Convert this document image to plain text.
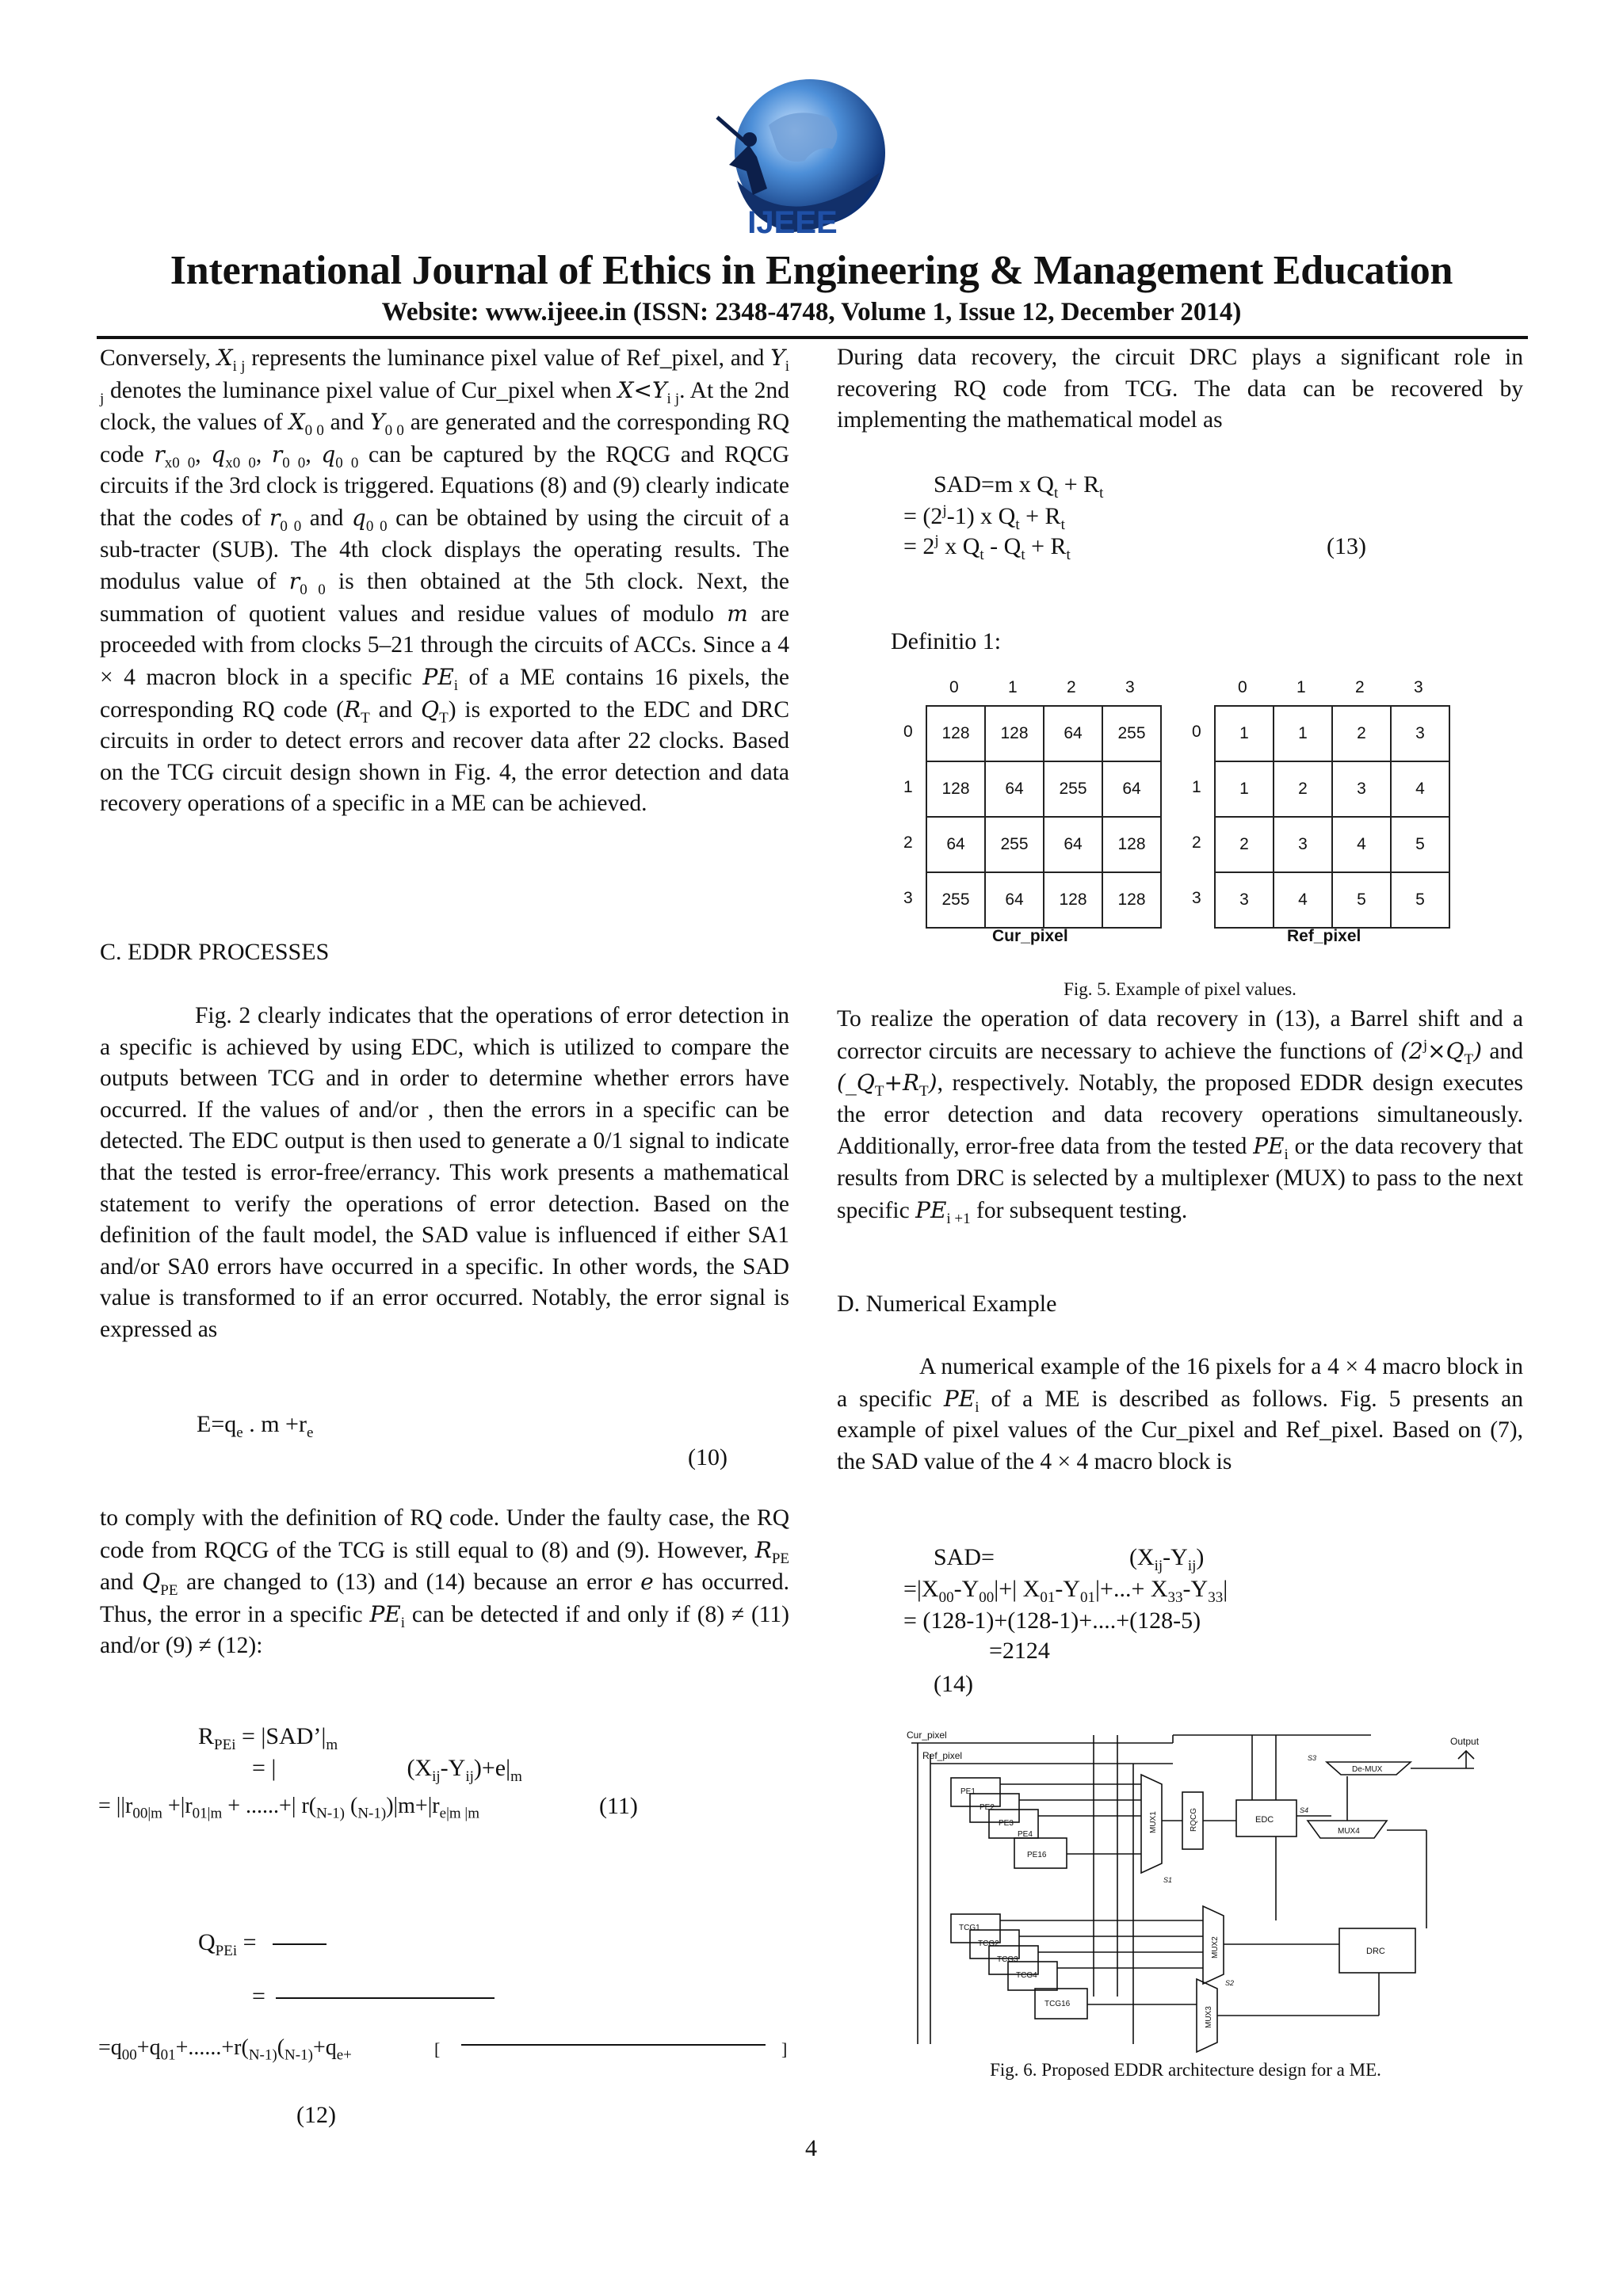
IJEEE
International Journal of Ethics in Engineering & Management Education
Website: www.ijeee.in (ISSN: 2348-4748, Volume 1, Issue 12, December 2014)
Conversely, $X_{i j}$ represents the luminance pixel value of Ref_pixel, and $Y_{i j}$ denotes the luminance pixel value of Cur_pixel when $X<Y_{i j}$. At the 2nd clock, the values of $X_{0 0}$ and $Y_{0 0}$ are generated and the corresponding RQ code $r_{x0 0}$, $q_{x0 0}$, $r_{0 0}$, $q_{0 0}$ can be captured by the RQCG and RQCG circuits if the 3rd clock is triggered. Equations (8) and (9) clearly indicate that the codes of $r_{0 0}$ and $q_{0 0}$ can be obtained by using the circuit of a sub-tracter (SUB). The 4th clock displays the operating results. The modulus value of $r_{0 0}$ is then obtained at the 5th clock. Next, the summation of quotient values and residue values of modulo m are proceeded with from clocks 5–21 through the circuits of ACCs. Since a 4 × 4 macron block in a specific $PE_i$ of a ME contains 16 pixels, the corresponding RQ code ($R_T$ and $Q_T$) is exported to the EDC and DRC circuits in order to detect errors and recover data after 22 clocks. Based on the TCG circuit design shown in Fig. 4, the error detection and data recovery operations of a specific in a ME can be achieved.
C. EDDR PROCESSES
Fig. 2 clearly indicates that the operations of error detection in a specific is achieved by using EDC, which is utilized to compare the outputs between TCG and in order to determine whether errors have occurred. If the values of and/or , then the errors in a specific can be detected. The EDC output is then used to generate a 0/1 signal to indicate that the tested is error-free/errancy. This work presents a mathematical statement to verify the operations of error detection. Based on the definition of the fault model, the SAD value is influenced if either SA1 and/or SA0 errors have occurred in a specific. In other words, the SAD value is transformed to if an error occurred. Notably, the error signal is expressed as
$E=q_e$ . $m +r_e$
(10)
to comply with the definition of RQ code. Under the faulty case, the RQ code from RQCG of the TCG is still equal to (8) and (9). However, $R_{PE}$ and $Q_{PE}$ are changed to (13) and (14) because an error e has occurred. Thus, the error in a specific $PE_i$ can be detected if and only if (8) ≠ (11) and/or (9) ≠ (12):
$R_{PEi}$ = $|SAD’|_m$
= |	$(X_{ij}-Y_{ij})+e|_m$
= $||r_{00|m} +|r_{01|m}$ + ......+| $r(_{N-1)}$ $(_{N-1)})|m+|r_{e|m |m}$	(11)
$Q_{PEi}$ =
=
$=q_{00}+q_{01}+......+r(_{N-1)}(_{N-1)}+q_{e+}$	[	]
(12)
4
During data recovery, the circuit DRC plays a significant role in recovering RQ code from TCG. The data can be recovered by implementing the mathematical model as
SAD=m x $Q_t + R_t$
= $(2^j-1)$ x $Q_t + R_t$
= $2^j$ x $Q_t - Q_t + R_t$	(13)
Definitio 1:
0	1	2	3
0
1
2
3
128	128	64	255
128	64	255	64
64	255	64	128
255	64	128	128
Cur_pixel
0	1	2	3
0
1
2
3
1	1	2	3
1	2	3	4
2	3	4	5
3	4	5	5
Ref_pixel
Fig. 5. Example of pixel values.
To realize the operation of data recovery in (13), a Barrel shift and a corrector circuits are necessary to achieve the functions of $(2^j\times Q_T)$ and $(\_Q_T+R_T)$, respectively. Notably, the proposed EDDR design executes the error detection and data recovery operations simultaneously. Additionally, error-free data from the tested $PE_i$ or the data recovery that results from DRC is selected by a multiplexer (MUX) to pass to the next specific $PE_{i +1}$ for subsequent testing.
D. Numerical Example
A numerical example of the 16 pixels for a 4 × 4 macro block in a specific $PE_i$ of a ME is described as follows. Fig. 5 presents an example of pixel values of the Cur_pixel and Ref_pixel. Based on (7), the SAD value of the 4 × 4 macro block is
SAD=	$(X_{ij}-Y_{ij})$
$=|X_{00}-Y_{00}|+|$ $X_{01}-Y_{01}|+...+ X_{33}-Y_{33}|$
= (128-1)+(128-1)+....+(128-5)
=2124
(14)
Cur_pixel
Ref_pixel
Output
PE1
PE2
PE3
PE4
PE16
TCG1
TCG2
TCG3
TCG4
TCG16
MUX1	RQCG	EDC
De-MUX
MUX4
MUX2
MUX3
DRC
S1
S2
S3
S4
Fig. 6. Proposed EDDR architecture design for a ME.
